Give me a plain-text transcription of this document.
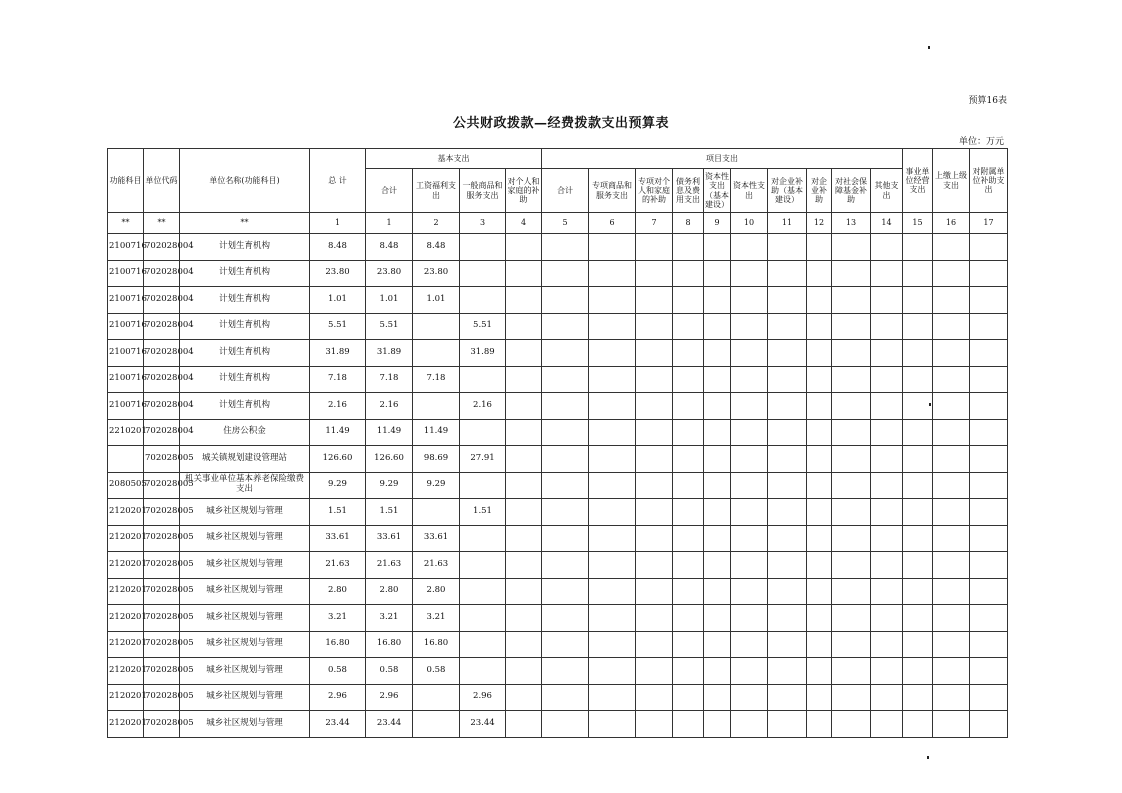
预算16表
公共财政拨款—经费拨款支出预算表
单位：万元
功能科目	单位代码	单位名称(功能科目)	总 计	基本支出				项目支出										事业单位经营支出	上缴上级支出	对附属单位补助支出
				合计	工资福利支出	一般商品和服务支出	对个人和家庭的补助	合计	专项商品和服务支出	专项对个人和家庭的补助	债务利息及费用支出	资本性支出（基本建设）	资本性支出	对企业补助（基本建设）	对企业补助	对社会保障基金补助	其他支出			
**	**	**	1	1	2	3	4	5	6	7	8	9	10	11	12	13	14	15	16	17
2100716	702028004	计划生育机构	8.48	8.48	8.48															
2100716	702028004	计划生育机构	23.80	23.80	23.80															
2100716	702028004	计划生育机构	1.01	1.01	1.01															
2100716	702028004	计划生育机构	5.51	5.51		5.51														
2100716	702028004	计划生育机构	31.89	31.89		31.89														
2100716	702028004	计划生育机构	7.18	7.18	7.18															
2100716	702028004	计划生育机构	2.16	2.16		2.16														
2210201	702028004	住房公积金	11.49	11.49	11.49															
	702028005	城关镇规划建设管理站	126.60	126.60	98.69	27.91														
2080505	702028005	机关事业单位基本养老保险缴费支出	9.29	9.29	9.29															
2120201	702028005	城乡社区规划与管理	1.51	1.51		1.51														
2120201	702028005	城乡社区规划与管理	33.61	33.61	33.61															
2120201	702028005	城乡社区规划与管理	21.63	21.63	21.63															
2120201	702028005	城乡社区规划与管理	2.80	2.80	2.80															
2120201	702028005	城乡社区规划与管理	3.21	3.21	3.21															
2120201	702028005	城乡社区规划与管理	16.80	16.80	16.80															
2120201	702028005	城乡社区规划与管理	0.58	0.58	0.58															
2120201	702028005	城乡社区规划与管理	2.96	2.96		2.96														
2120201	702028005	城乡社区规划与管理	23.44	23.44		23.44														
